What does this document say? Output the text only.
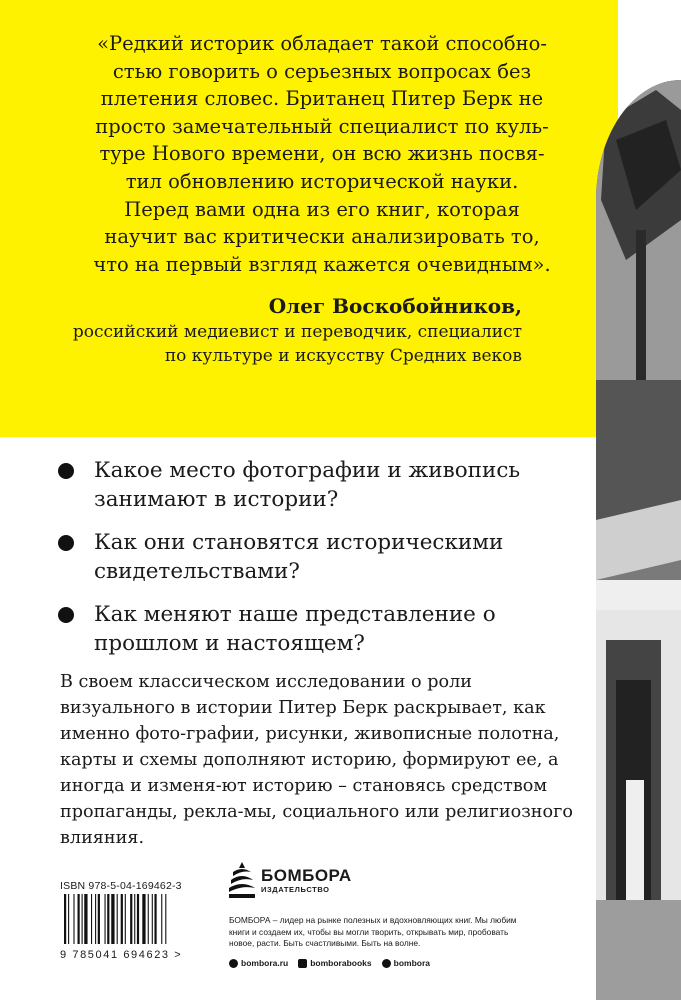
«Редкий историк обладает такой способно-

стью говорить о серьезных вопросах без

плетения словес. Британец Питер Берк не

просто замечательный специалист по куль-

туре Нового времени, он всю жизнь посвя-

тил обновлению исторической науки.

Перед вами одна из его книг, которая

научит вас критически анализировать то,

что на первый взгляд кажется очевидным».

Олег Воскобойников,
российский медиевист и переводчик, специалист
по культуре и искусству Средних веков
Какое место фотографии и живопись занимают в истории?
Как они становятся историческими свидетельствами?
Как меняют наше представление о прошлом и настоящем?
В своем классическом исследовании о роли визуального в истории Питер Берк раскрывает, как именно фото-графии, рисунки, живописные полотна, карты и схемы дополняют историю, формируют ее, а иногда и изменя-ют историю – становясь средством пропаганды, рекла-мы, социального или религиозного влияния.
ISBN 978-5-04-169462-3
9 785041 694623 >
БОМБОРА
ИЗДАТЕЛЬСТВО
БОМБОРА – лидер на рынке полезных и вдохновляющих книг. Мы любим книги и создаем их, чтобы вы могли творить, открывать мир, пробовать новое, расти. Быть счастливыми. Быть на волне.
bombora.ru	bomborabooks	bombora
